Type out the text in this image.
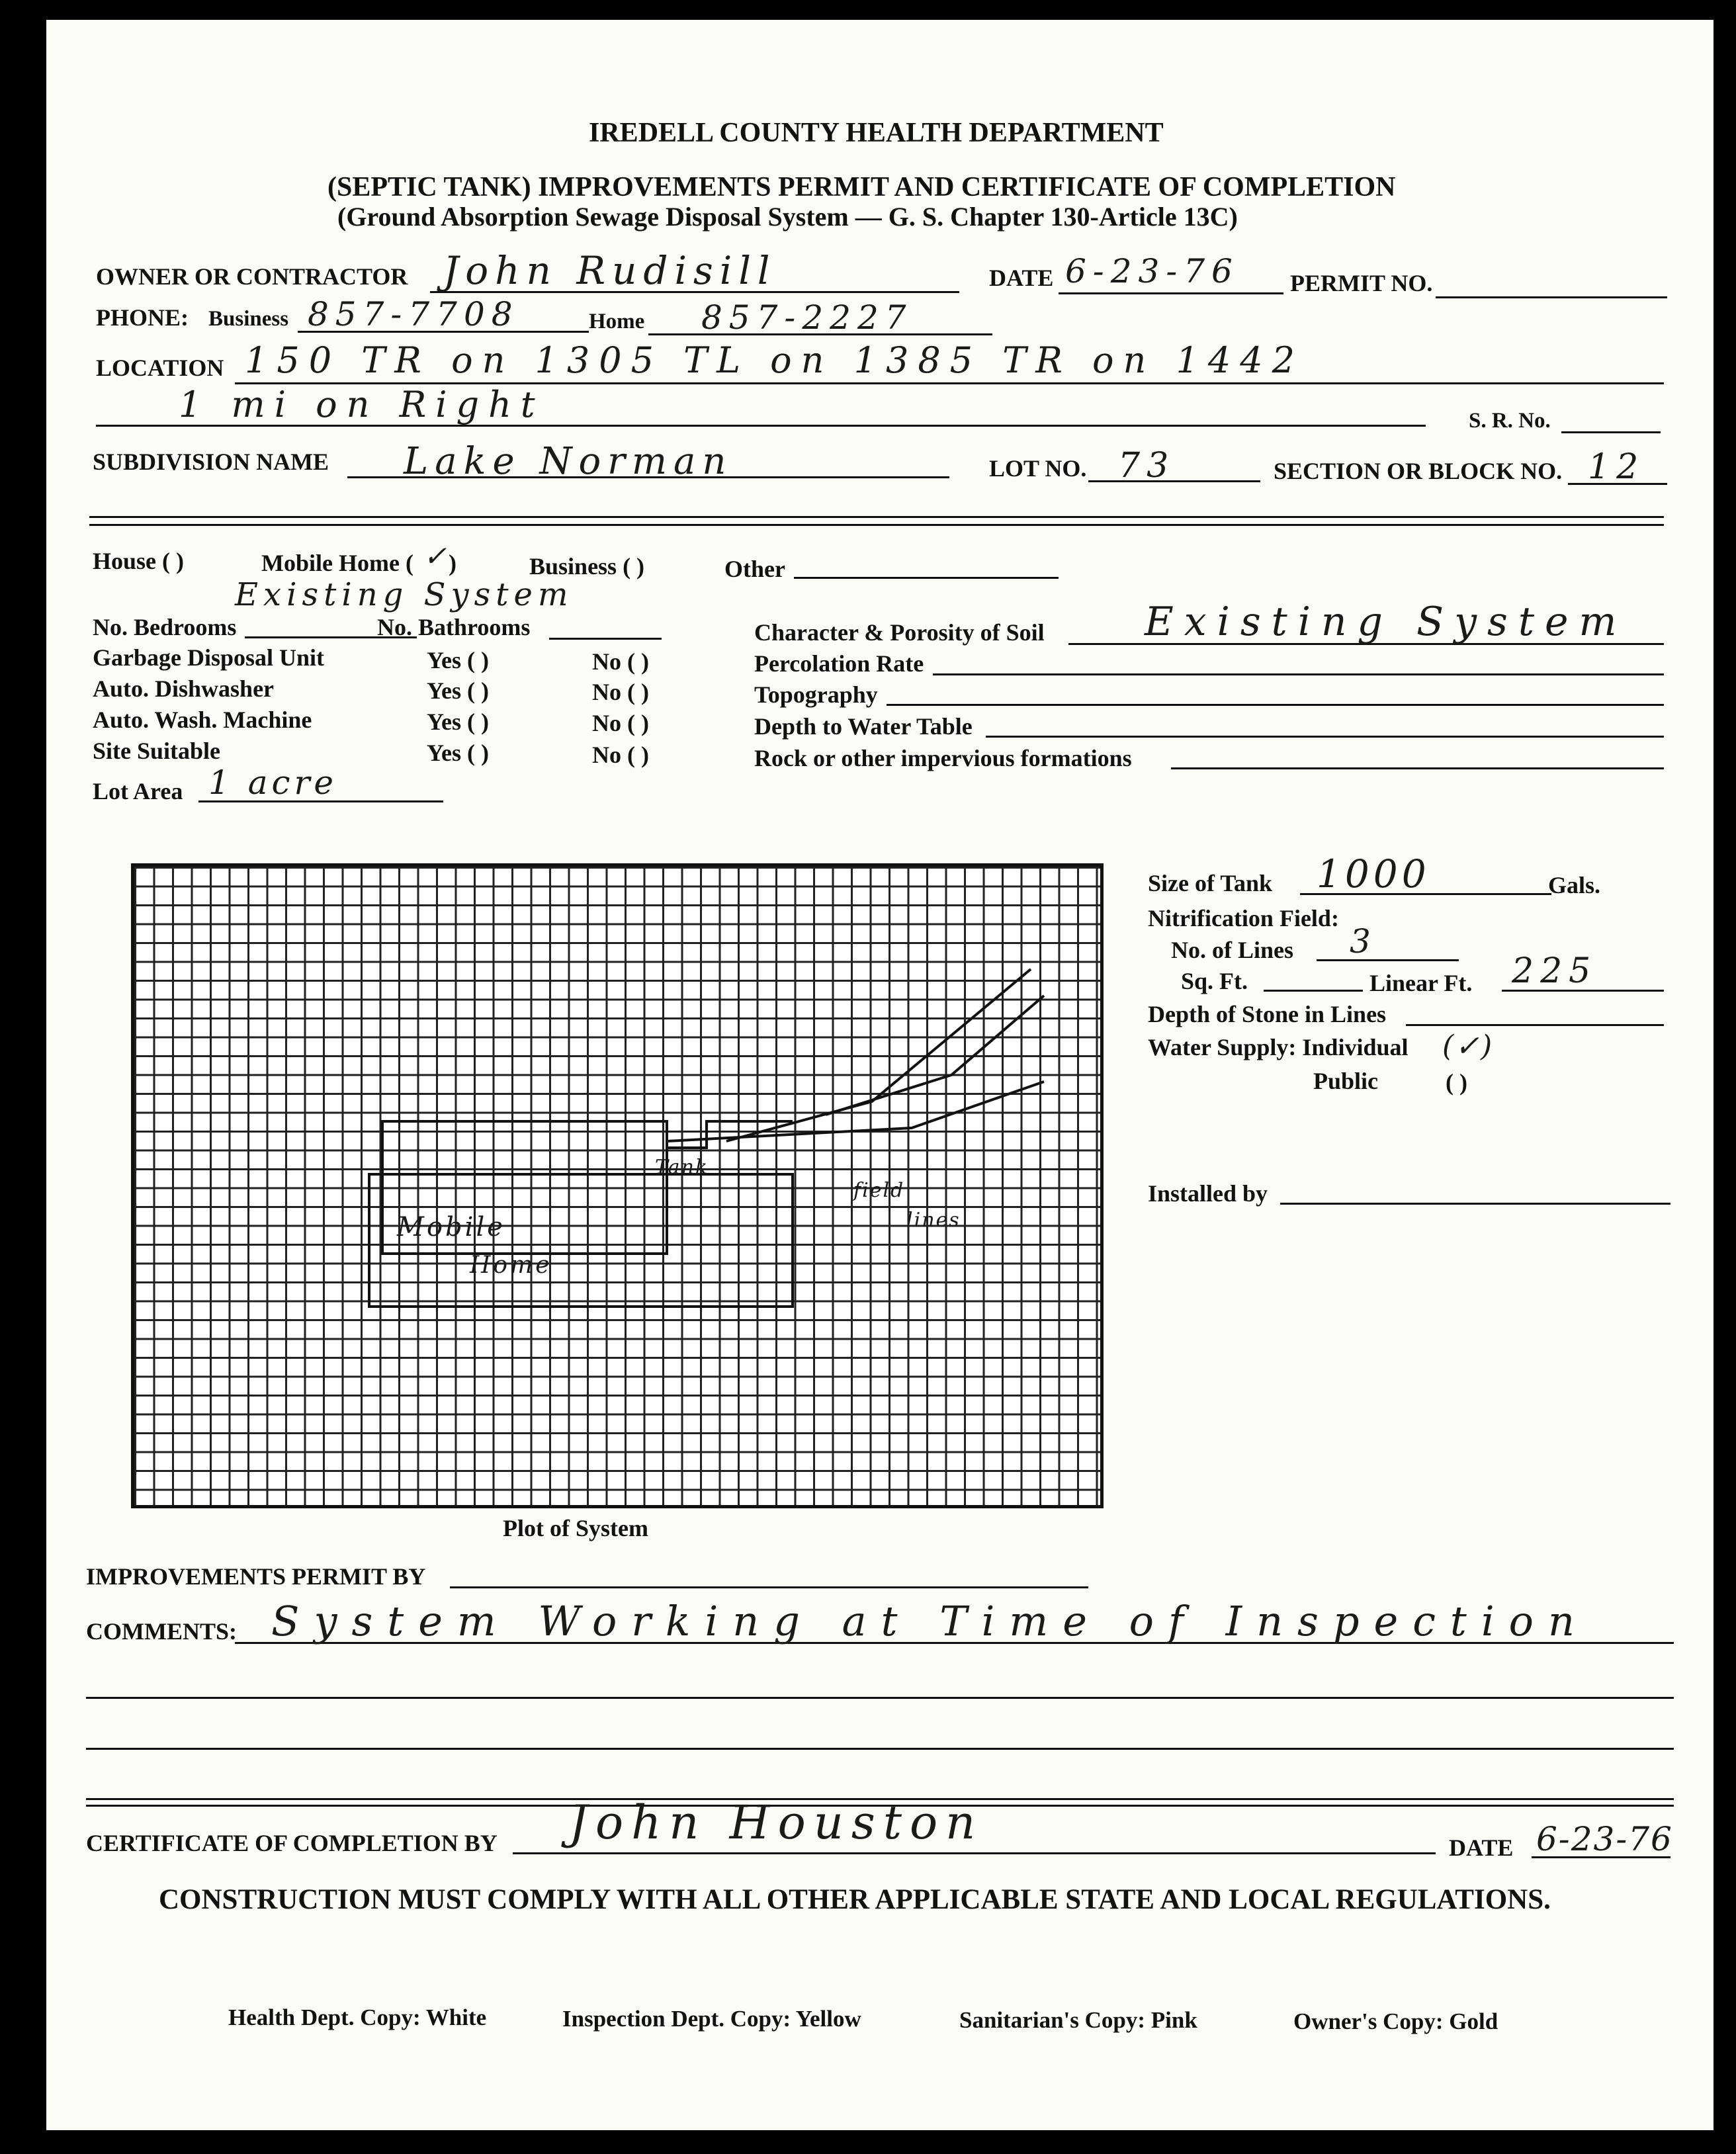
IREDELL COUNTY HEALTH DEPARTMENT
(SEPTIC TANK) IMPROVEMENTS PERMIT AND CERTIFICATE OF COMPLETION
(Ground Absorption Sewage Disposal System — G. S. Chapter 130-Article 13C)
OWNER OR CONTRACTOR John Rudisill	DATE 6-23-76 PERMIT NO.
PHONE: Business 857-7708	Home 857-2227
LOCATION 150 TR on 1305 TL on 1385 TR on 1442
1 mi on Right	S. R. No.
SUBDIVISION NAME Lake Norman	LOT NO. 73	SECTION OR BLOCK NO. 12
House ( )	Mobile Home ( ✓ )	Business ( )	Other
Existing System
No. Bedrooms	No. Bathrooms
Garbage Disposal Unit	Yes ( )	No ( )
Auto. Dishwasher	Yes ( )	No ( )
Auto. Wash. Machine	Yes ( )	No ( )
Site Suitable	Yes ( )	No ( )
Lot Area 1 acre
Character & Porosity of Soil	Existing System
Percolation Rate
Topography
Depth to Water Table
Rock or other impervious formations
Tank
Mobile
Home
field
lines
Plot of System
Size of Tank 1000	Gals.
Nitrification Field:
No. of Lines 3
Sq. Ft.	Linear Ft. 225
Depth of Stone in Lines
Water Supply: Individual (✓)
Public	( )
Installed by
IMPROVEMENTS PERMIT BY
COMMENTS: System Working at Time of Inspection
CERTIFICATE OF COMPLETION BY John Houston	DATE 6-23-76
CONSTRUCTION MUST COMPLY WITH ALL OTHER APPLICABLE STATE AND LOCAL REGULATIONS.
Health Dept. Copy: White	Inspection Dept. Copy: Yellow	Sanitarian's Copy: Pink	Owner's Copy: Gold
